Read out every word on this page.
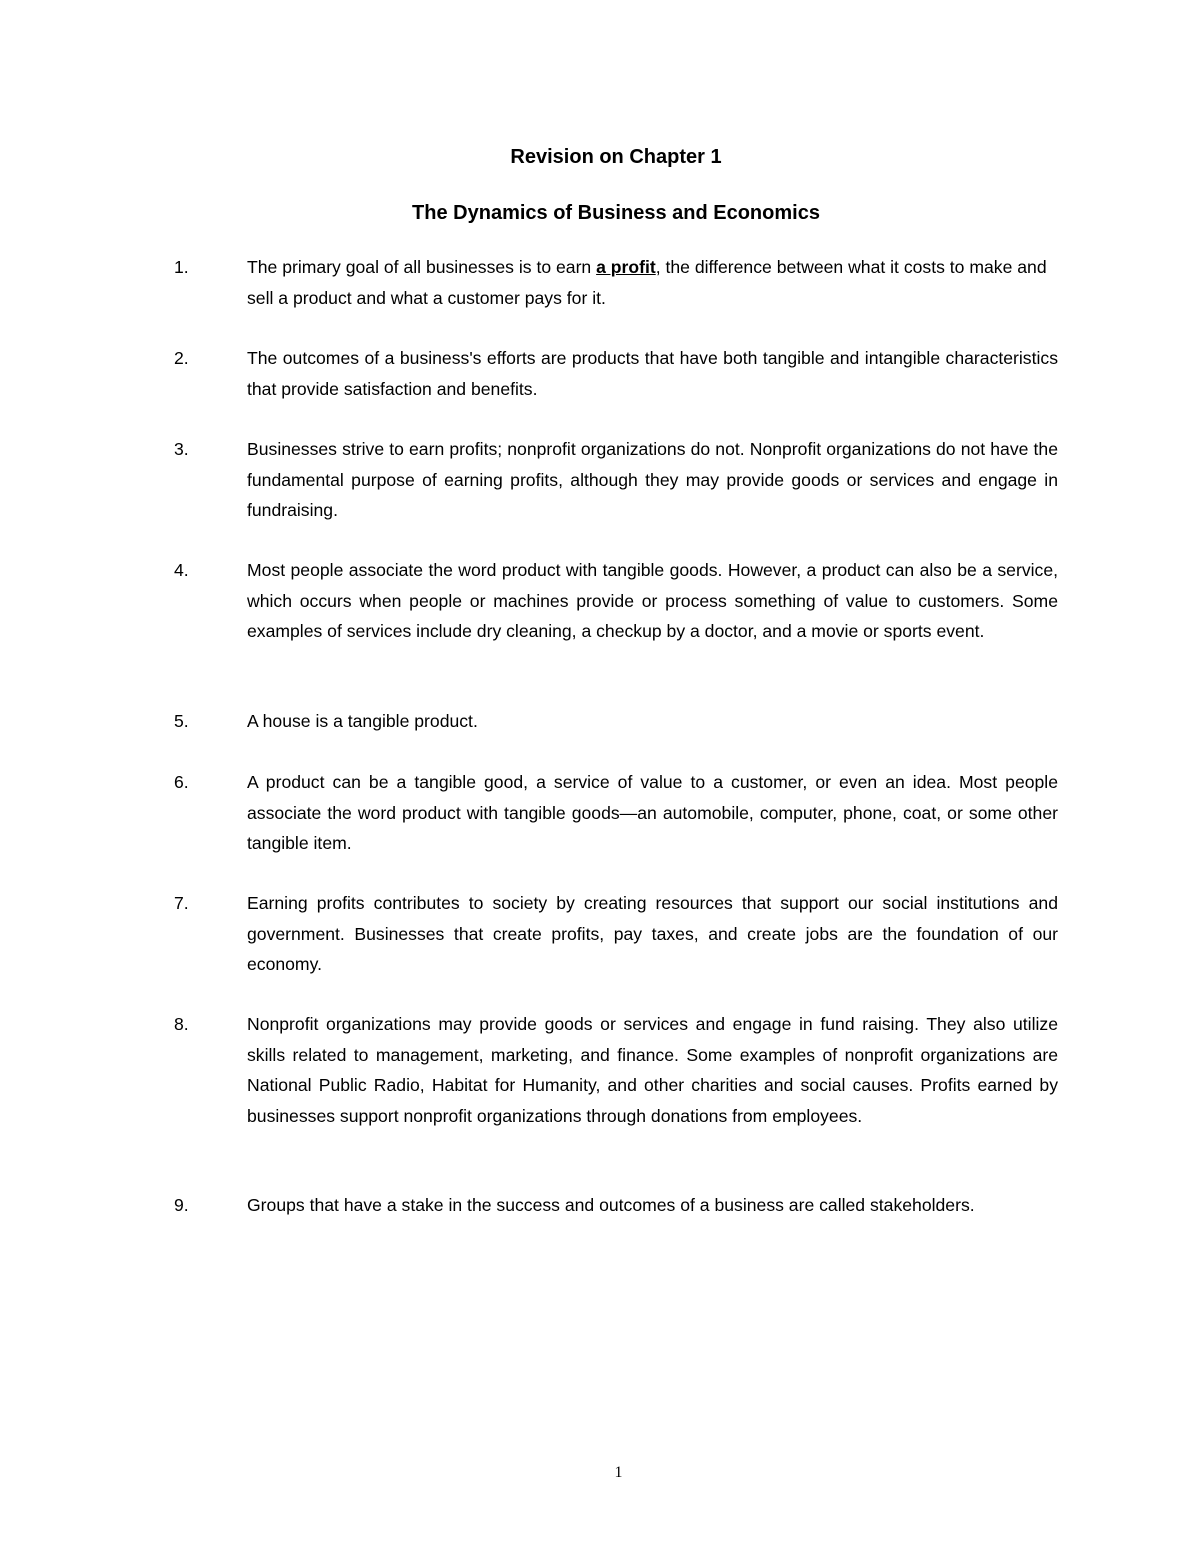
Revision on Chapter 1
The Dynamics of Business and Economics
1.	The primary goal of all businesses is to earn a profit, the difference between what it costs to make and sell a product and what a customer pays for it.

2.	The outcomes of a business's efforts are products that have both tangible and intangible characteristics that provide satisfaction and benefits.

3.	Businesses strive to earn profits; nonprofit organizations do not. Nonprofit organizations do not have the fundamental purpose of earning profits, although they may provide goods or services and engage in fundraising.

4.	Most people associate the word product with tangible goods. However, a product can also be a service, which occurs when people or machines provide or process something of value to customers. Some examples of services include dry cleaning, a checkup by a doctor, and a movie or sports event.

5.	A house is a tangible product.

6.	A product can be a tangible good, a service of value to a customer, or even an idea. Most people associate the word product with tangible goods—an automobile, computer, phone, coat, or some other tangible item.

7.	Earning profits contributes to society by creating resources that support our social institutions and government. Businesses that create profits, pay taxes, and create jobs are the foundation of our economy.

8.	Nonprofit organizations may provide goods or services and engage in fund raising. They also utilize skills related to management, marketing, and finance. Some examples of nonprofit organizations are National Public Radio, Habitat for Humanity, and other charities and social causes. Profits earned by businesses support nonprofit organizations through donations from employees.

9.	Groups that have a stake in the success and outcomes of a business are called stakeholders.

1
